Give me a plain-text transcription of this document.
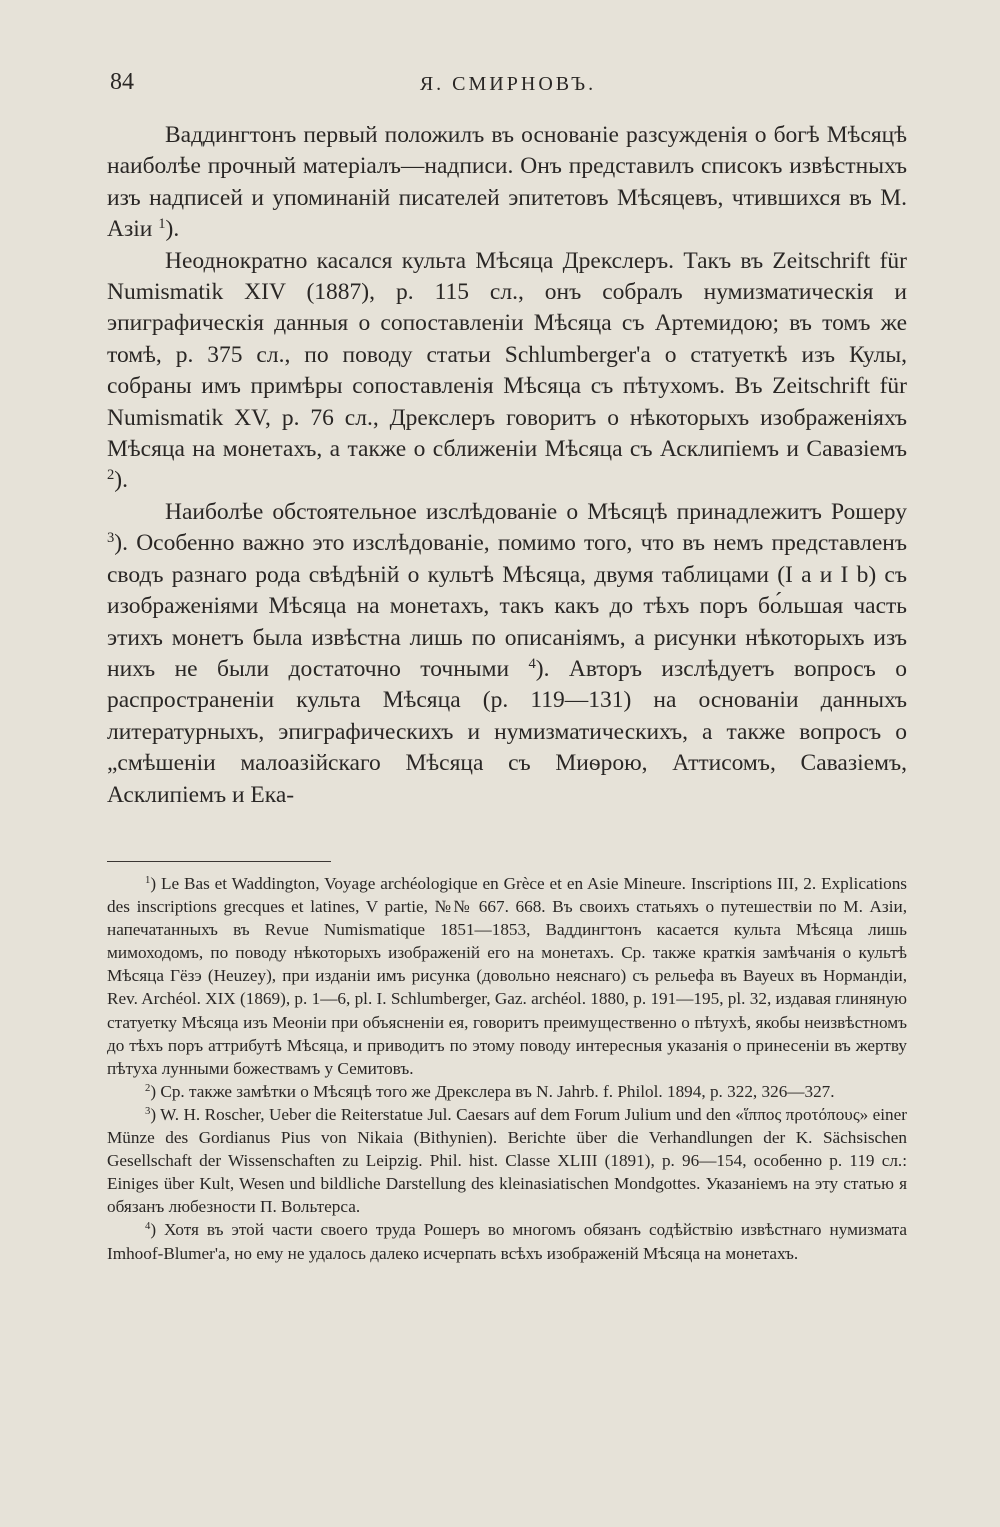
84	Я. СМИРНОВЪ.

Ваддингтонъ первый положилъ въ основаніе разсужденія о богѣ Мѣсяцѣ наиболѣе прочный матеріалъ—надписи. Онъ представилъ списокъ извѣстныхъ изъ надписей и упоминаній писателей эпитетовъ Мѣсяцевъ, чтившихся въ М. Азіи $^1$).

Неоднократно касался культа Мѣсяца Дрекслеръ. Такъ въ Zeitschrift für Numismatik XIV (1887), p. 115 сл., онъ собралъ нумизматическія и эпиграфическія данныя о сопоставленіи Мѣсяца съ Артемидою; въ томъ же томѣ, р. 375 сл., по поводу статьи Schlumberger'a о статуеткѣ изъ Кулы, собраны имъ примѣры сопоставленія Мѣсяца съ пѣтухомъ. Въ Zeitschrift für Numismatik XV, p. 76 сл., Дрекслеръ говоритъ о нѣкоторыхъ изображеніяхъ Мѣсяца на монетахъ, а также о сближеніи Мѣсяца съ Асклипіемъ и Савазіемъ $^2$).

Наиболѣе обстоятельное изслѣдованіе о Мѣсяцѣ принадлежитъ Рошеру $^3$). Особенно важно это изслѣдованіе, помимо того, что въ немъ представленъ сводъ разнаго рода свѣдѣній о культѣ Мѣсяца, двумя таблицами (I a и I b) съ изображеніями Мѣсяца на монетахъ, такъ какъ до тѣхъ поръ бо́льшая часть этихъ монетъ была извѣстна лишь по описаніямъ, а рисунки нѣкоторыхъ изъ нихъ не были достаточно точными $^4$). Авторъ изслѣдуетъ вопросъ о распространеніи культа Мѣсяца (р. 119—131) на основаніи данныхъ литературныхъ, эпиграфическихъ и нумизматическихъ, а также вопросъ о „смѣшеніи малоазійскаго Мѣсяца съ Миѳрою, Аттисомъ, Савазіемъ, Асклипіемъ и Ека-

$^1$) Le Bas et Waddington, Voyage archéologique en Grèce et en Asie Mineure. Inscriptions III, 2. Explications des inscriptions grecques et latines, V partie, №№ 667. 668. Въ своихъ статьяхъ о путешествіи по М. Азіи, напечатанныхъ въ Revue Numismatique 1851—1853, Ваддингтонъ касается культа Мѣсяца лишь мимоходомъ, по поводу нѣкоторыхъ изображеній его на монетахъ. Ср. также краткія замѣчанія о культѣ Мѣсяца Гёзэ (Heuzey), при изданіи имъ рисунка (довольно неяснаго) съ рельефа въ Вауеux въ Нормандіи, Rev. Archéol. XIX (1869), p. 1—6, pl. I. Schlumberger, Gaz. archéol. 1880, p. 191—195, pl. 32, издавая глиняную статуетку Мѣсяца изъ Меоніи при объясненіи ея, говоритъ преимущественно о пѣтухѣ, якобы неизвѣстномъ до тѣхъ поръ аттрибутѣ Мѣсяца, и приводитъ по этому поводу интересныя указанія о принесеніи въ жертву пѣтуха лунными божествамъ у Семитовъ.

$^2$) Ср. также замѣтки о Мѣсяцѣ того же Дрекслера въ N. Jahrb. f. Philol. 1894, p. 322, 326—327.

$^3$) W. H. Roscher, Ueber die Reiterstatue Jul. Caesars auf dem Forum Julium und den «ἵππος προτόπους» einer Münze des Gordianus Pius von Nikaia (Bithynien). Berichte über die Verhandlungen der K. Sächsischen Gesellschaft der Wissenschaften zu Leipzig. Phil. hist. Classe XLIII (1891), p. 96—154, особенно р. 119 сл.: Einiges über Kult, Wesen und bildliche Darstellung des kleinasiatischen Mondgottes. Указаніемъ на эту статью я обязанъ любезности П. Вольтерса.

$^4$) Хотя въ этой части своего труда Рошеръ во многомъ обязанъ содѣйствію извѣстнаго нумизмата Imhoof-Blumer'a, но ему не удалось далеко исчерпать всѣхъ изображеній Мѣсяца на монетахъ.
